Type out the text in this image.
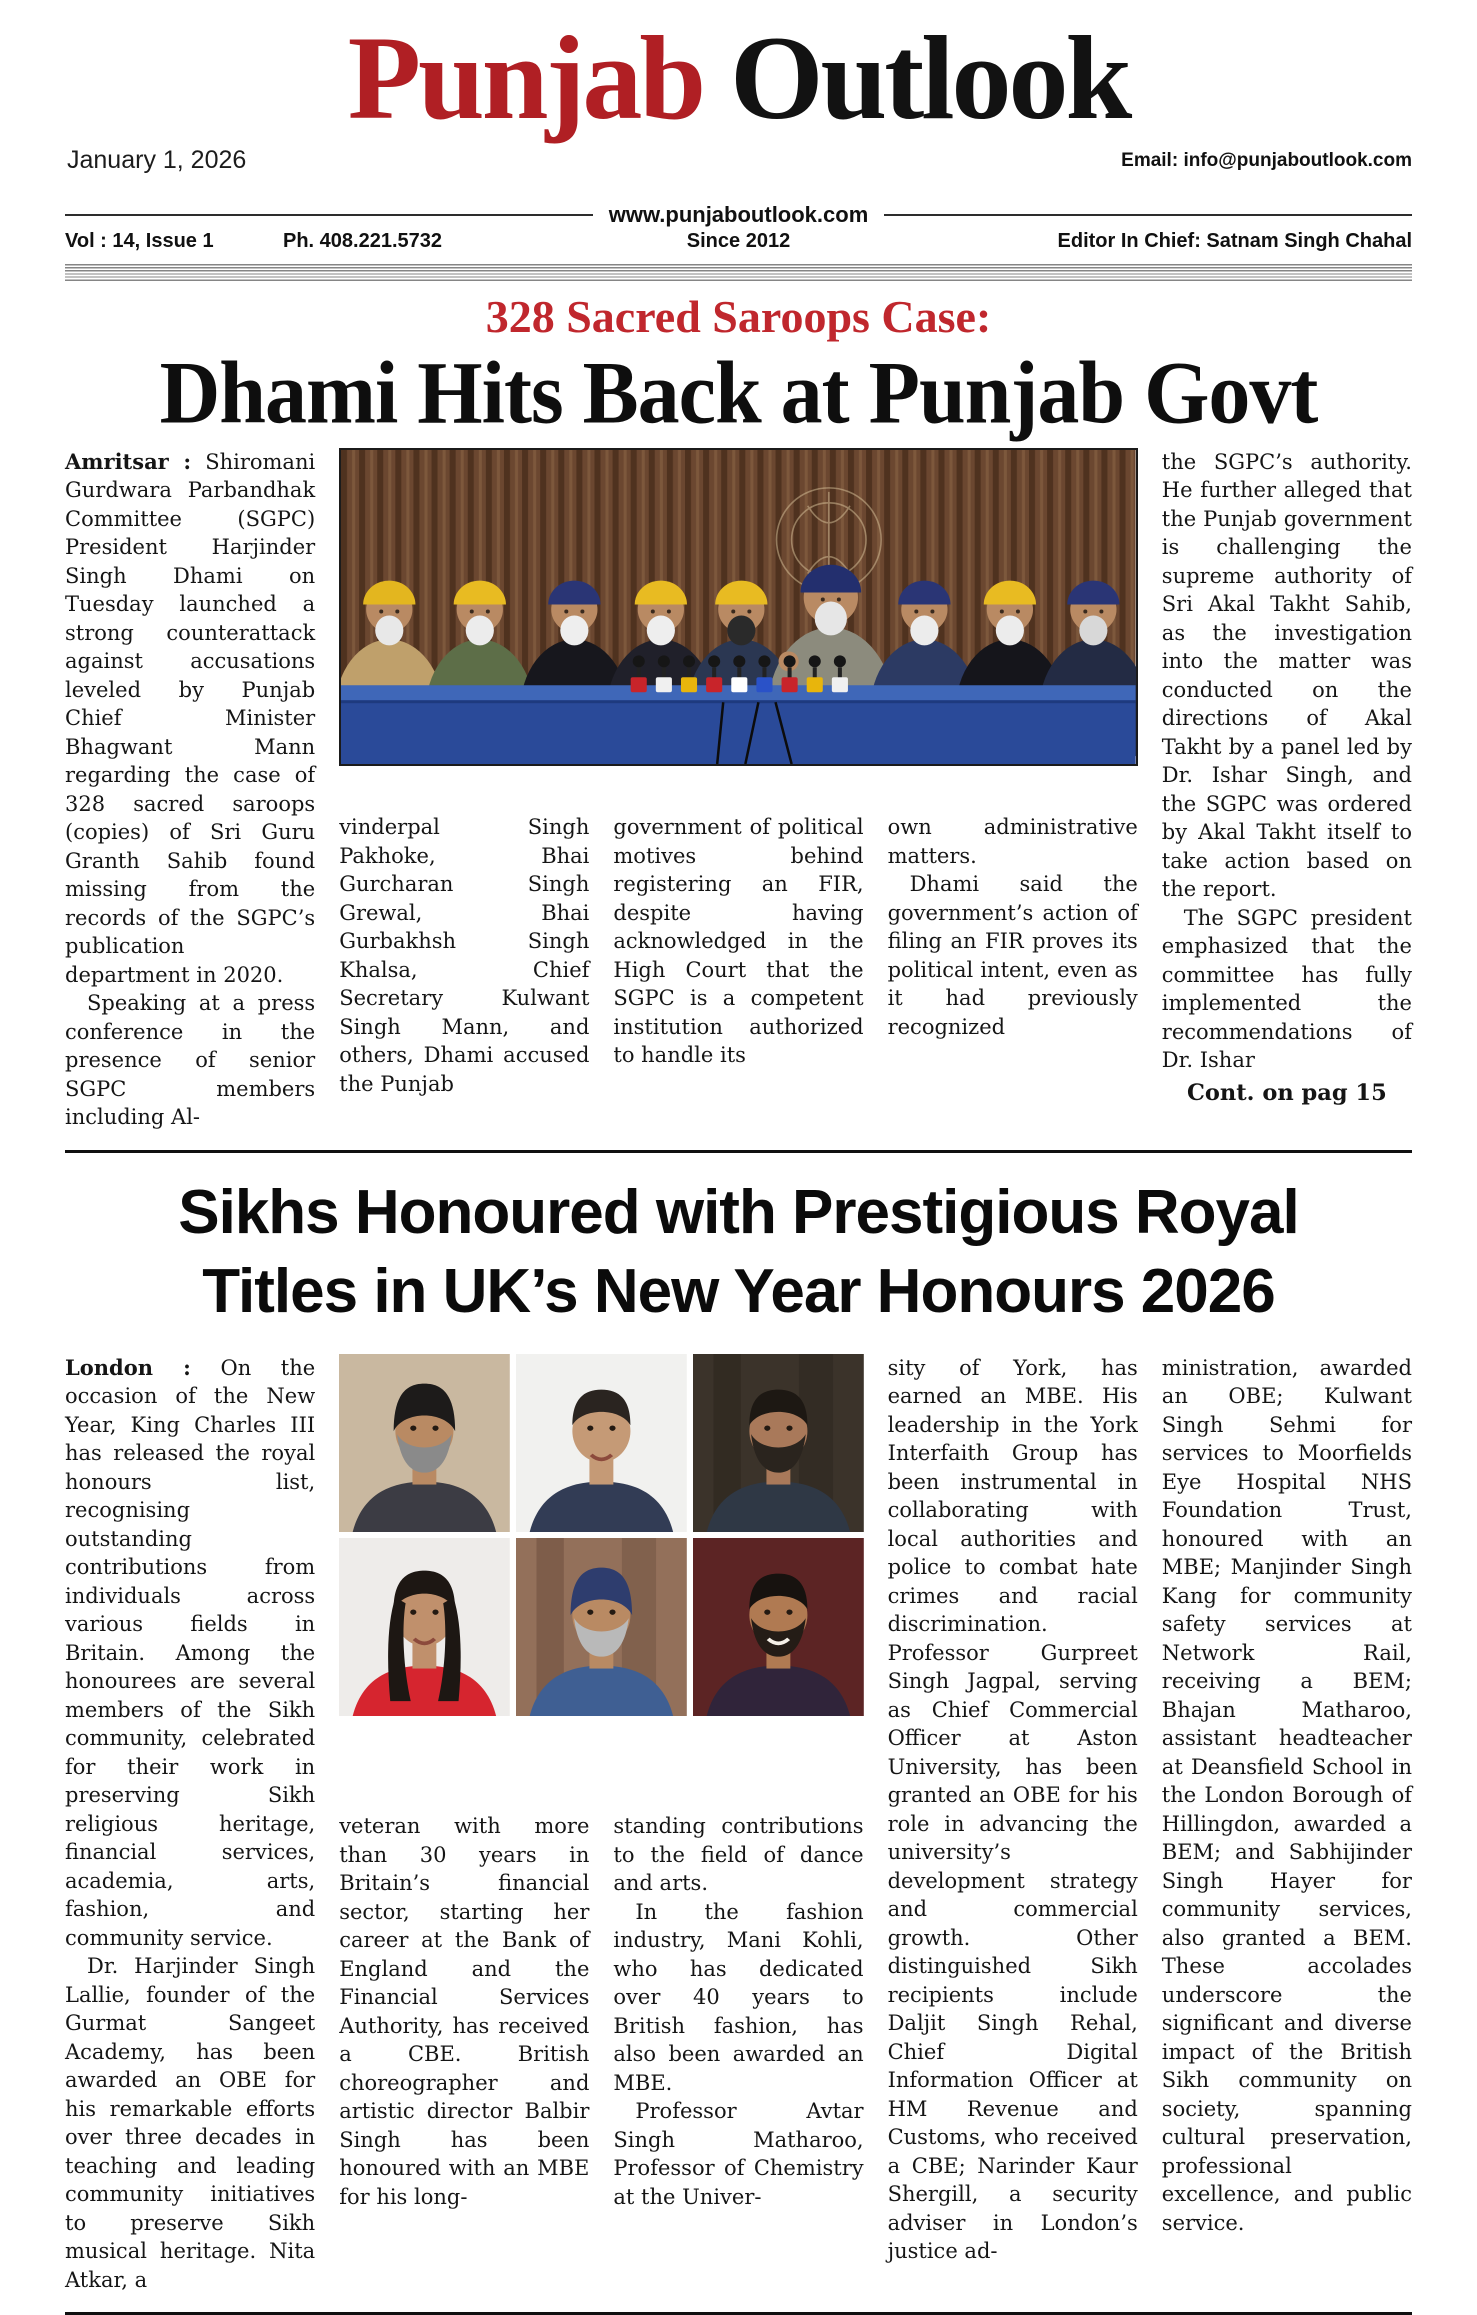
Punjab Outlook
January 1, 2026	Email: info@punjaboutlook.com
www.punjaboutlook.com
Vol : 14, Issue 1	Ph. 408.221.5732	Since 2012	Editor In Chief: Satnam Singh Chahal
328 Sacred Saroops Case:
Dhami Hits Back at Punjab Govt

Amritsar : Shiromani Gurdwara Parbandhak Committee (SGPC) President Harjinder Singh Dhami on Tuesday launched a strong counterattack against accusations leveled by Punjab Chief Minister Bhagwant Mann regarding the case of 328 sacred saroops (copies) of Sri Guru Granth Sahib found missing from the records of the SGPC’s publication department in 2020.

Speaking at a press conference in the presence of senior SGPC members including Al-

the SGPC’s authority. He further alleged that the Punjab government is challenging the supreme authority of Sri Akal Takht Sahib, as the investigation into the matter was conducted on the directions of Akal Takht by a panel led by Dr. Ishar Singh, and the SGPC was ordered by Akal Takht itself to take action based on the report.

The SGPC president emphasized that the committee has fully implemented the recommendations of Dr. Ishar

Cont. on pag 15

vinderpal Singh Pakhoke, Bhai Gurcharan Singh Grewal, Bhai Gurbakhsh Singh Khalsa, Chief Secretary Kulwant Singh Mann, and others, Dhami accused the Punjab

government of political motives behind registering an FIR, despite having acknowledged in the High Court that the SGPC is a competent institution authorized to handle its

own administrative matters.

Dhami said the government’s action of filing an FIR proves its political intent, even as it had previously recognized

Sikhs Honoured with Prestigious Royal
Titles in UK’s New Year Honours 2026

London : On the occasion of the New Year, King Charles III has released the royal honours list, recognising outstanding contributions from individuals across various fields in Britain. Among the honourees are several members of the Sikh community, celebrated for their work in preserving Sikh religious heritage, financial services, academia, arts, fashion, and community service.

Dr. Harjinder Singh Lallie, founder of the Gurmat Sangeet Academy, has been awarded an OBE for his remarkable efforts over three decades in teaching and leading community initiatives to preserve Sikh musical heritage. Nita Atkar, a

sity of York, has earned an MBE. His leadership in the York Interfaith Group has been instrumental in collaborating with local authorities and police to combat hate crimes and racial discrimination. Professor Gurpreet Singh Jagpal, serving as Chief Commercial Officer at Aston University, has been granted an OBE for his role in advancing the university’s development strategy and commercial growth. Other distinguished Sikh recipients include Daljit Singh Rehal, Chief Digital Information Officer at HM Revenue and Customs, who received a CBE; Narinder Kaur Shergill, a security adviser in London’s justice ad-

ministration, awarded an OBE; Kulwant Singh Sehmi for services to Moorfields Eye Hospital NHS Foundation Trust, honoured with an MBE; Manjinder Singh Kang for community safety services at Network Rail, receiving a BEM; Bhajan Matharoo, assistant headteacher at Deansfield School in the London Borough of Hillingdon, awarded a BEM; and Sabhijinder Singh Hayer for community services, also granted a BEM. These accolades underscore the significant and diverse impact of the British Sikh community on society, spanning cultural preservation, professional excellence, and public service.

veteran with more than 30 years in Britain’s financial sector, starting her career at the Bank of England and the Financial Services Authority, has received a CBE. British choreographer and artistic director Balbir Singh has been honoured with an MBE for his long-

standing contributions to the field of dance and arts.

In the fashion industry, Mani Kohli, who has dedicated over 40 years to British fashion, has also been awarded an MBE.

Professor Avtar Singh Matharoo, Professor of Chemistry at the Univer-
